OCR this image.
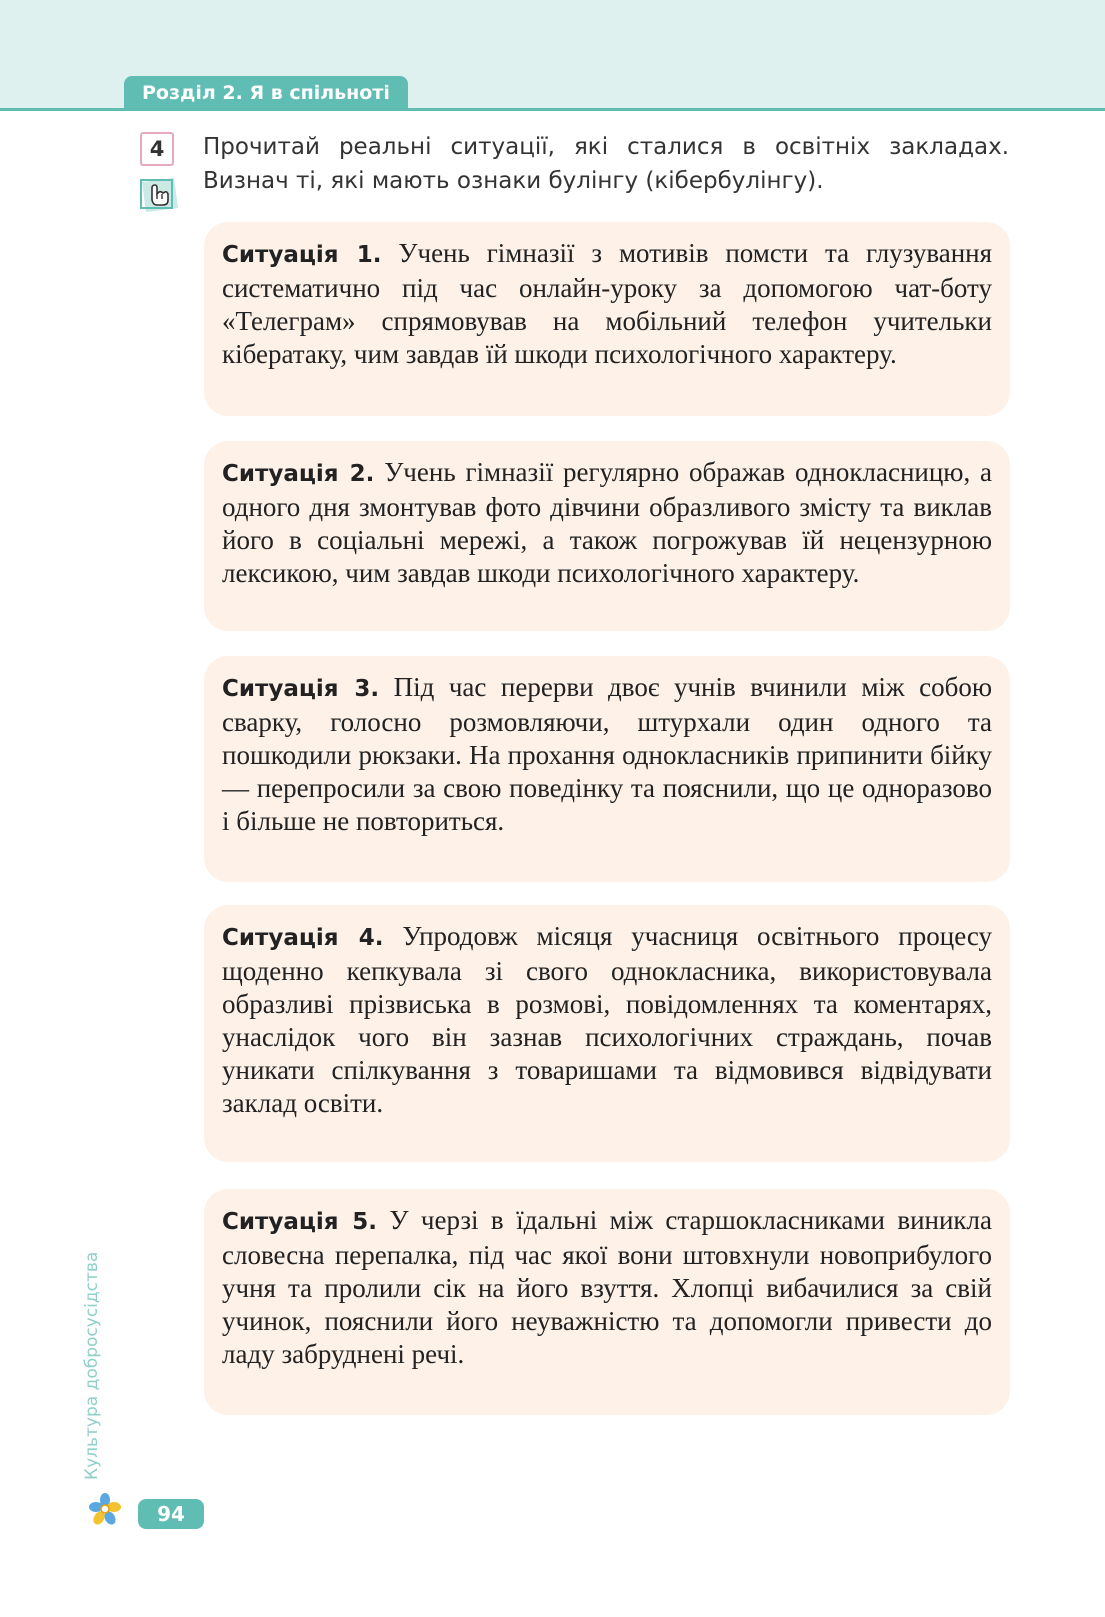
Розділ 2. Я в спільноті
4	Прочитай реальні ситуації, які сталися в освітніх закладах.
Визнач ті, які мають ознаки булінгу (кібербулінгу).

Ситуація 1. Учень гімназії з мотивів помсти та глузування систематично під час онлайн-уроку за допомогою чат-боту «Телеграм» спрямовував на мобільний телефон учительки кібератаку, чим завдав їй шкоди психологічного характеру.

Ситуація 2. Учень гімназії регулярно ображав однокласницю, а одного дня змонтував фото дівчини образливого змісту та виклав його в соціальні мережі, а також погрожував їй нецензурною лексикою, чим завдав шкоди психологічного характеру.

Ситуація 3. Під час перерви двоє учнів вчинили між собою сварку, голосно розмовляючи, штурхали один одного та пошкодили рюкзаки. На прохання однокласників припинити бійку — перепросили за свою поведінку та пояснили, що це одноразово і більше не повториться.

Ситуація 4. Упродовж місяця учасниця освітнього процесу щоденно кепкувала зі свого однокласника, використовувала образливі прізвиська в розмові, повідомленнях та коментарях, унаслідок чого він зазнав психологічних страждань, почав уникати спілкування з товаришами та відмовився відвідувати заклад освіти.

Ситуація 5. У черзі в їдальні між старшокласниками виникла словесна перепалка, під час якої вони штовхнули новоприбулого учня та пролили сік на його взуття. Хлопці вибачилися за свій учинок, пояснили його неуважністю та допомогли привести до ладу забруднені речі.

Культура добросусідства
94
